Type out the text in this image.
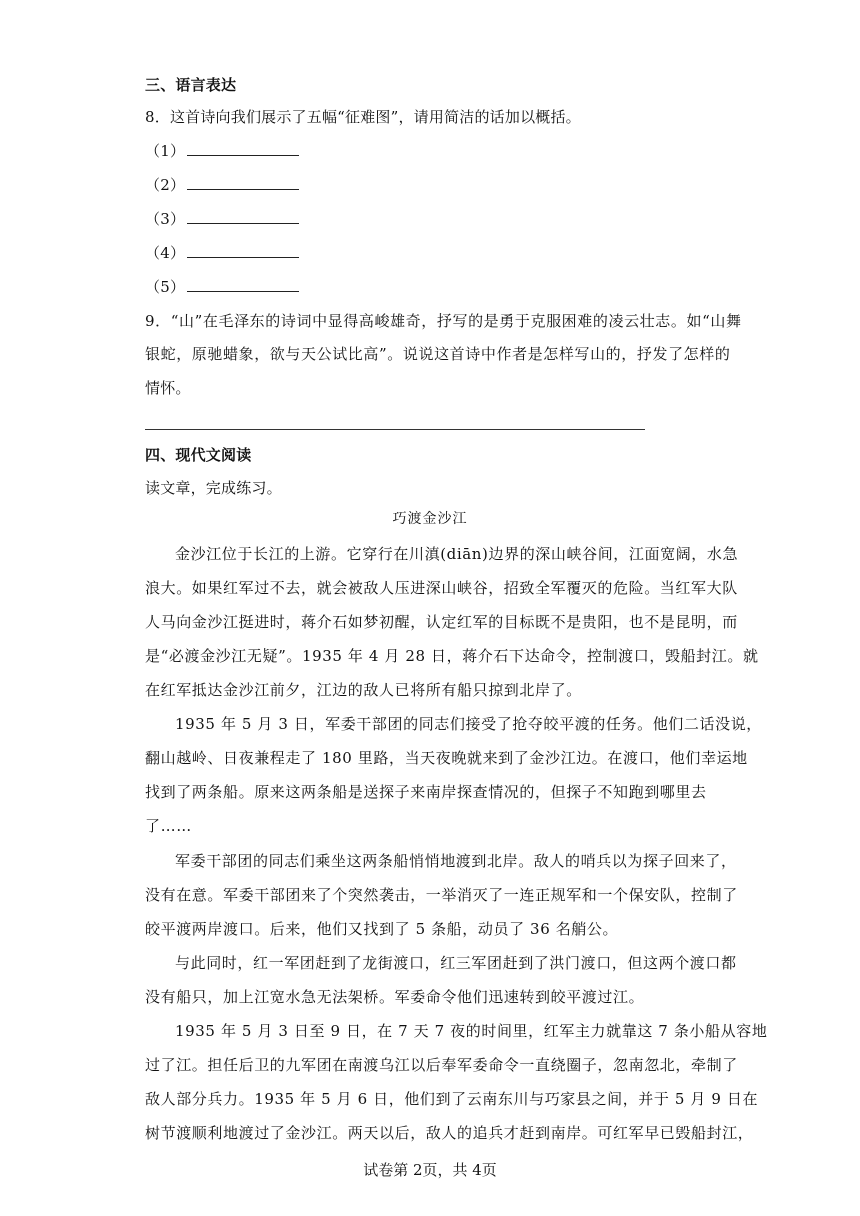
三、语言表达
8．这首诗向我们展示了五幅“征难图”，请用简洁的话加以概括。
（1）
（2）
（3）
（4）
（5）
9．“山”在毛泽东的诗词中显得高峻雄奇，抒写的是勇于克服困难的凌云壮志。如“山舞
银蛇，原驰蜡象，欲与天公试比高”。说说这首诗中作者是怎样写山的，抒发了怎样的
情怀。
四、现代文阅读
读文章，完成练习。
巧渡金沙江
金沙江位于长江的上游。它穿行在川滇(diān)边界的深山峡谷间，江面宽阔，水急
浪大。如果红军过不去，就会被敌人压进深山峡谷，招致全军覆灭的危险。当红军大队
人马向金沙江挺进时，蒋介石如梦初醒，认定红军的目标既不是贵阳，也不是昆明，而
是“必渡金沙江无疑”。1935 年 4 月 28 日，蒋介石下达命令，控制渡口，毁船封江。就
在红军抵达金沙江前夕，江边的敌人已将所有船只掠到北岸了。
1935 年 5 月 3 日，军委干部团的同志们接受了抢夺皎平渡的任务。他们二话没说，
翻山越岭、日夜兼程走了 180 里路，当天夜晚就来到了金沙江边。在渡口，他们幸运地
找到了两条船。原来这两条船是送探子来南岸探查情况的，但探子不知跑到哪里去
了……
军委干部团的同志们乘坐这两条船悄悄地渡到北岸。敌人的哨兵以为探子回来了，
没有在意。军委干部团来了个突然袭击，一举消灭了一连正规军和一个保安队，控制了
皎平渡两岸渡口。后来，他们又找到了 5 条船，动员了 36 名艄公。
与此同时，红一军团赶到了龙街渡口，红三军团赶到了洪门渡口，但这两个渡口都
没有船只，加上江宽水急无法架桥。军委命令他们迅速转到皎平渡过江。
1935 年 5 月 3 日至 9 日，在 7 天 7 夜的时间里，红军主力就靠这 7 条小船从容地
过了江。担任后卫的九军团在南渡乌江以后奉军委命令一直绕圈子，忽南忽北，牵制了
敌人部分兵力。1935 年 5 月 6 日，他们到了云南东川与巧家县之间，并于 5 月 9 日在
树节渡顺利地渡过了金沙江。两天以后，敌人的追兵才赶到南岸。可红军早已毁船封江，
试卷第 2页，共 4页
